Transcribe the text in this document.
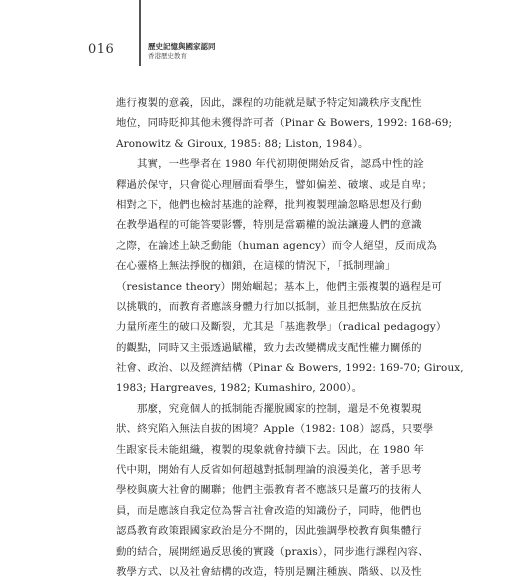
016	歷史記憶與國家認同
香港歷史教育
進行複製的意義，因此，課程的功能就是賦予特定知識秩序支配性
地位，同時貶抑其他未獲得許可者（Pinar & Bowers, 1992: 168-69;
Aronowitz & Giroux, 1985: 88; Liston, 1984）。
其實，一些學者在 1980 年代初期便開始反省，認爲中性的詮
釋過於保守，只會從心理層面看學生，譬如偏差、破壞、或是自卑；
相對之下，他們也檢討基進的詮釋，批判複製理論忽略思想及行動
在教學過程的可能答要影響，特別是當霸權的說法讓邊人們的意識
之際，在論述上缺乏動能（human agency）而令人絕望，反而成為
在心靈格上無法掙脫的枷鎖，在這樣的情況下，「抵制理論」
（resistance theory）開始崛起；基本上，他們主張複製的過程是可
以挑戰的，而教育者應該身體力行加以抵制，並且把焦點放在反抗
力量所產生的破口及斷裂，尤其是「基進教學」（radical pedagogy）
的觀點，同時又主張透過賦權，致力去改變構成支配性權力關係的
社會、政治、以及經濟結構（Pinar & Bowers, 1992: 169-70; Giroux,
1983; Hargreaves, 1982; Kumashiro, 2000）。
那麼，究竟個人的抵制能否擺脫國家的控制，還是不免複製現
狀、終究陷入無法自拔的困境？Apple（1982: 108）認爲，只要學
生跟家長未能組織，複製的現象就會持續下去。因此，在 1980 年
代中期，開始有人反省如何超越對抵制理論的浪漫美化，著手思考
學校與廣大社會的關聯；他們主張教育者不應該只是薑巧的技術人
員，而是應該自我定位為誓言社會改造的知識份子，同時，他們也
認爲教育政策跟國家政治是分不開的，因此強調學校教育與集體行
動的結合，展開經過反思後的實踐（praxis），同步進行課程內容、
教學方式、以及社會結構的改造，特別是關注種族、階級、以及性
